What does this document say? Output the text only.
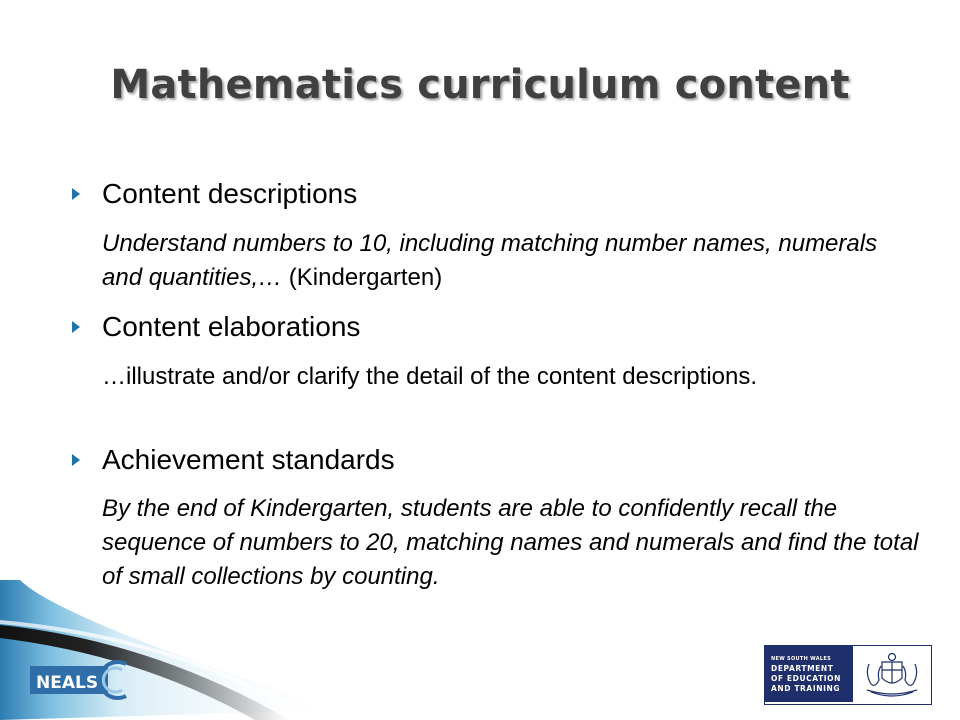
Mathematics curriculum content
Content descriptions
Understand numbers to 10, including matching number names, numerals and quantities,… (Kindergarten)
Content elaborations
…illustrate and/or clarify the detail of the content descriptions.
Achievement standards
By the end of Kindergarten, students are able to confidently recall the sequence of numbers to 20, matching names and numerals and find the total of small collections by counting.
NEALS
NEW SOUTH WALES
DEPARTMENT
OF EDUCATION
AND TRAINING
